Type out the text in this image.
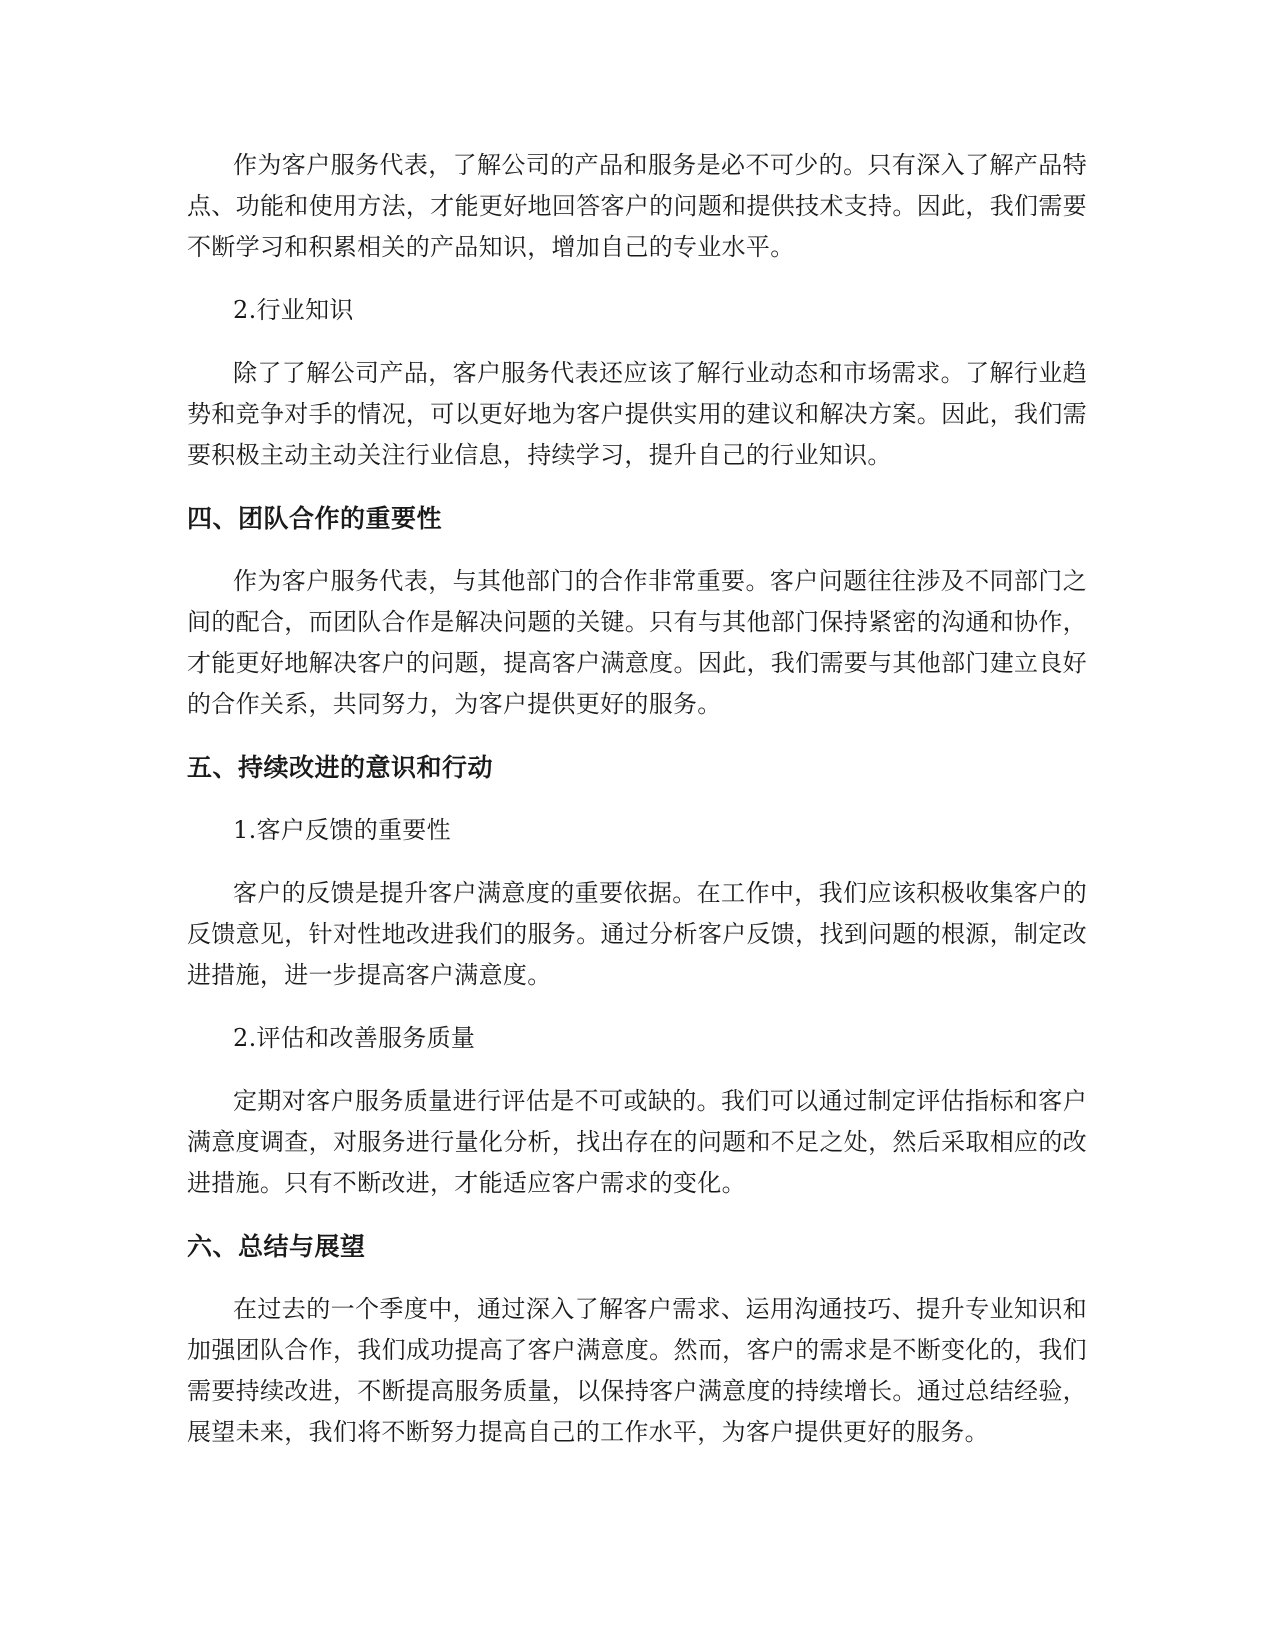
作为客户服务代表，了解公司的产品和服务是必不可少的。只有深入了解产品特点、功能和使用方法，才能更好地回答客户的问题和提供技术支持。因此，我们需要不断学习和积累相关的产品知识，增加自己的专业水平。

2.行业知识

除了了解公司产品，客户服务代表还应该了解行业动态和市场需求。了解行业趋势和竞争对手的情况，可以更好地为客户提供实用的建议和解决方案。因此，我们需要积极主动主动关注行业信息，持续学习，提升自己的行业知识。

四、团队合作的重要性

作为客户服务代表，与其他部门的合作非常重要。客户问题往往涉及不同部门之间的配合，而团队合作是解决问题的关键。只有与其他部门保持紧密的沟通和协作，才能更好地解决客户的问题，提高客户满意度。因此，我们需要与其他部门建立良好的合作关系，共同努力，为客户提供更好的服务。

五、持续改进的意识和行动

1.客户反馈的重要性

客户的反馈是提升客户满意度的重要依据。在工作中，我们应该积极收集客户的反馈意见，针对性地改进我们的服务。通过分析客户反馈，找到问题的根源，制定改进措施，进一步提高客户满意度。

2.评估和改善服务质量

定期对客户服务质量进行评估是不可或缺的。我们可以通过制定评估指标和客户满意度调查，对服务进行量化分析，找出存在的问题和不足之处，然后采取相应的改进措施。只有不断改进，才能适应客户需求的变化。

六、总结与展望

在过去的一个季度中，通过深入了解客户需求、运用沟通技巧、提升专业知识和加强团队合作，我们成功提高了客户满意度。然而，客户的需求是不断变化的，我们需要持续改进，不断提高服务质量，以保持客户满意度的持续增长。通过总结经验，展望未来，我们将不断努力提高自己的工作水平，为客户提供更好的服务。
